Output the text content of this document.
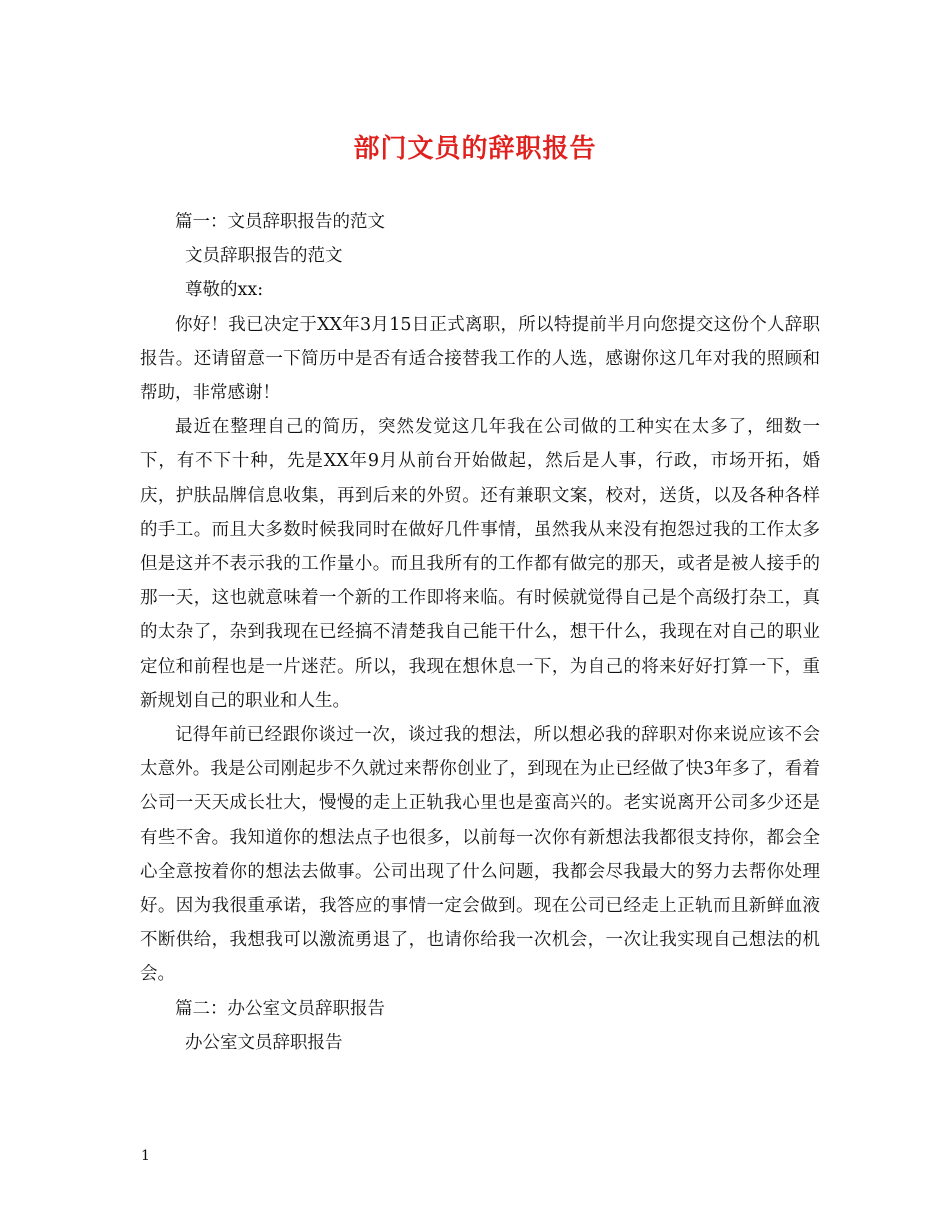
部门文员的辞职报告

篇一：文员辞职报告的范文

文员辞职报告的范文

尊敬的xx:

你好！我已决定于XX年3月15日正式离职，所以特提前半月向您提交这份个人辞职报告。还请留意一下简历中是否有适合接替我工作的人选，感谢你这几年对我的照顾和帮助，非常感谢！

最近在整理自己的简历，突然发觉这几年我在公司做的工种实在太多了，细数一下，有不下十种，先是XX年9月从前台开始做起，然后是人事，行政，市场开拓，婚庆，护肤品牌信息收集，再到后来的外贸。还有兼职文案，校对，送货，以及各种各样的手工。而且大多数时候我同时在做好几件事情，虽然我从来没有抱怨过我的工作太多但是这并不表示我的工作量小。而且我所有的工作都有做完的那天，或者是被人接手的那一天，这也就意味着一个新的工作即将来临。有时候就觉得自己是个高级打杂工，真的太杂了，杂到我现在已经搞不清楚我自己能干什么，想干什么，我现在对自己的职业定位和前程也是一片迷茫。所以，我现在想休息一下，为自己的将来好好打算一下，重新规划自己的职业和人生。

记得年前已经跟你谈过一次，谈过我的想法，所以想必我的辞职对你来说应该不会太意外。我是公司刚起步不久就过来帮你创业了，到现在为止已经做了快3年多了，看着公司一天天成长壮大，慢慢的走上正轨我心里也是蛮高兴的。老实说离开公司多少还是有些不舍。我知道你的想法点子也很多，以前每一次你有新想法我都很支持你，都会全心全意按着你的想法去做事。公司出现了什么问题，我都会尽我最大的努力去帮你处理好。因为我很重承诺，我答应的事情一定会做到。现在公司已经走上正轨而且新鲜血液不断供给，我想我可以激流勇退了，也请你给我一次机会，一次让我实现自己想法的机会。

篇二：办公室文员辞职报告

办公室文员辞职报告

1
